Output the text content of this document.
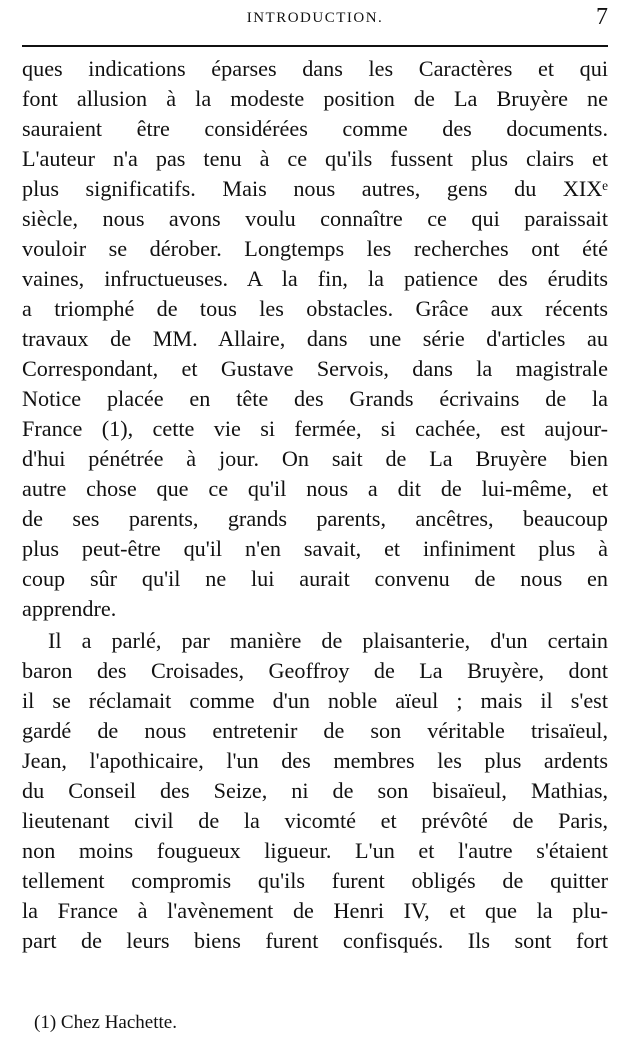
INTRODUCTION.	7
ques indications éparses dans les Caractères et qui
font allusion à la modeste position de La Bruyère ne
sauraient être considérées comme des documents.
L'auteur n'a pas tenu à ce qu'ils fussent plus clairs et
plus significatifs. Mais nous autres, gens du XIXᵉ
siècle, nous avons voulu connaître ce qui paraissait
vouloir se dérober. Longtemps les recherches ont été
vaines, infructueuses. A la fin, la patience des érudits
a triomphé de tous les obstacles. Grâce aux récents
travaux de MM. Allaire, dans une série d'articles au
Correspondant, et Gustave Servois, dans la magistrale
Notice placée en tête des Grands écrivains de la
France (1), cette vie si fermée, si cachée, est aujour-
d'hui pénétrée à jour. On sait de La Bruyère bien
autre chose que ce qu'il nous a dit de lui-même, et
de ses parents, grands parents, ancêtres, beaucoup
plus peut-être qu'il n'en savait, et infiniment plus à
coup sûr qu'il ne lui aurait convenu de nous en
apprendre.
Il a parlé, par manière de plaisanterie, d'un certain
baron des Croisades, Geoffroy de La Bruyère, dont
il se réclamait comme d'un noble aïeul ; mais il s'est
gardé de nous entretenir de son véritable trisaïeul,
Jean, l'apothicaire, l'un des membres les plus ardents
du Conseil des Seize, ni de son bisaïeul, Mathias,
lieutenant civil de la vicomté et prévôté de Paris,
non moins fougueux ligueur. L'un et l'autre s'étaient
tellement compromis qu'ils furent obligés de quitter
la France à l'avènement de Henri IV, et que la plu-
part de leurs biens furent confisqués. Ils sont fort
(1) Chez Hachette.
